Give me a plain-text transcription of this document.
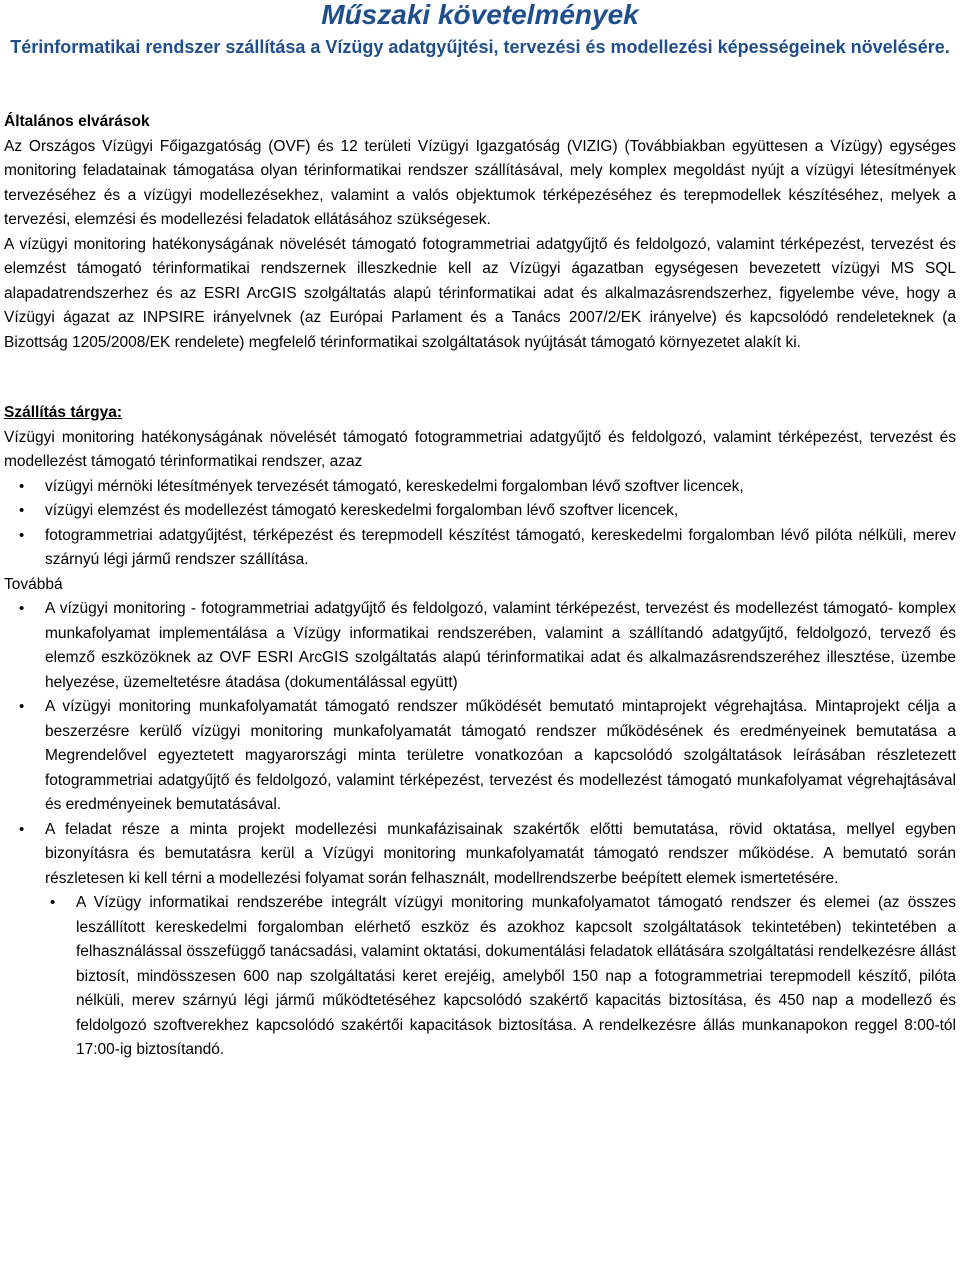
Műszaki követelmények
Térinformatikai rendszer szállítása a Vízügy adatgyűjtési, tervezési és modellezési képességeinek növelésére.
Általános elvárások

Az Országos Vízügyi Főigazgatóság (OVF) és 12 területi Vízügyi Igazgatóság (VIZIG) (Továbbiakban együttesen a Vízügy) egységes monitoring feladatainak támogatása olyan térinformatikai rendszer szállításával, mely komplex megoldást nyújt a vízügyi létesítmények tervezéséhez és a vízügyi modellezésekhez, valamint a valós objektumok térképezéséhez és terepmodellek készítéséhez, melyek a tervezési, elemzési és modellezési feladatok ellátásához szükségesek.

A vízügyi monitoring hatékonyságának növelését támogató fotogrammetriai adatgyűjtő és feldolgozó, valamint térképezést, tervezést és elemzést támogató térinformatikai rendszernek illeszkednie kell az Vízügyi ágazatban egységesen bevezetett vízügyi MS SQL alapadatrendszerhez és az ESRI ArcGIS szolgáltatás alapú térinformatikai adat és alkalmazásrendszerhez, figyelembe véve, hogy a Vízügyi ágazat az INPSIRE irányelvnek (az Európai Parlament és a Tanács 2007/2/EK irányelve) és kapcsolódó rendeleteknek (a Bizottság 1205/2008/EK rendelete) megfelelő térinformatikai szolgáltatások nyújtását támogató környezetet alakít ki.

Szállítás tárgya:

Vízügyi monitoring hatékonyságának növelését támogató fotogrammetriai adatgyűjtő és feldolgozó, valamint térképezést, tervezést és modellezést támogató térinformatikai rendszer, azaz

• vízügyi mérnöki létesítmények tervezését támogató, kereskedelmi forgalomban lévő szoftver licencek,
• vízügyi elemzést és modellezést támogató kereskedelmi forgalomban lévő szoftver licencek,
• fotogrammetriai adatgyűjtést, térképezést és terepmodell készítést támogató, kereskedelmi forgalomban lévő pilóta nélküli, merev szárnyú légi jármű rendszer szállítása.

Továbbá

• A vízügyi monitoring - fotogrammetriai adatgyűjtő és feldolgozó, valamint térképezést, tervezést és modellezést támogató- komplex munkafolyamat implementálása a Vízügy informatikai rendszerében, valamint a szállítandó adatgyűjtő, feldolgozó, tervező és elemző eszközöknek az OVF ESRI ArcGIS szolgáltatás alapú térinformatikai adat és alkalmazásrendszeréhez illesztése, üzembe helyezése, üzemeltetésre átadása (dokumentálással együtt)
• A vízügyi monitoring munkafolyamatát támogató rendszer működését bemutató mintaprojekt végrehajtása. Mintaprojekt célja a beszerzésre kerülő vízügyi monitoring munkafolyamatát támogató rendszer működésének és eredményeinek bemutatása a Megrendelővel egyeztetett magyarországi minta területre vonatkozóan a kapcsolódó szolgáltatások leírásában részletezett fotogrammetriai adatgyűjtő és feldolgozó, valamint térképezést, tervezést és modellezést támogató munkafolyamat végrehajtásával és eredményeinek bemutatásával.
• A feladat része a minta projekt modellezési munkafázisainak szakértők előtti bemutatása, rövid oktatása, mellyel egyben bizonyításra és bemutatásra kerül a Vízügyi monitoring munkafolyamatát támogató rendszer működése. A bemutató során részletesen ki kell térni a modellezési folyamat során felhasznált, modellrendszerbe beépített elemek ismertetésére.
• A Vízügy informatikai rendszerébe integrált vízügyi monitoring munkafolyamatot támogató rendszer és elemei (az összes leszállított kereskedelmi forgalomban elérhető eszköz és azokhoz kapcsolt szolgáltatások tekintetében) tekintetében a felhasználással összefüggő tanácsadási, valamint oktatási, dokumentálási feladatok ellátására szolgáltatási rendelkezésre állást biztosít, mindösszesen 600 nap szolgáltatási keret erejéig, amelyből 150 nap a fotogrammetriai terepmodell készítő, pilóta nélküli, merev szárnyú légi jármű működtetéséhez kapcsolódó szakértő kapacitás biztosítása, és 450 nap a modellező és feldolgozó szoftverekhez kapcsolódó szakértői kapacitások biztosítása. A rendelkezésre állás munkanapokon reggel 8:00-tól 17:00-ig biztosítandó.
